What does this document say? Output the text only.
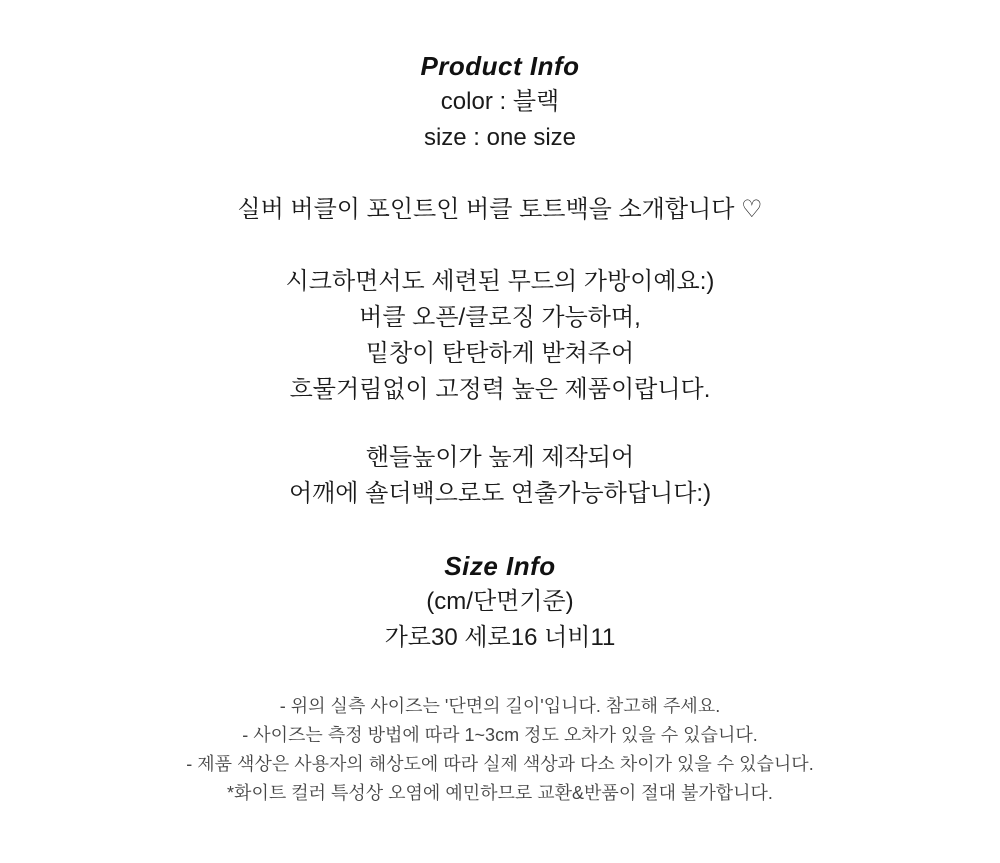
Product Info
color : 블랙
size : one size
실버 버클이 포인트인 버클 토트백을 소개합니다 ♡
시크하면서도 세련된 무드의 가방이예요:)
버클 오픈/클로징 가능하며,
밑창이 탄탄하게 받쳐주어
흐물거림없이 고정력 높은 제품이랍니다.
핸들높이가 높게 제작되어
어깨에 숄더백으로도 연출가능하답니다:)
Size Info
(cm/단면기준)
가로30 세로16 너비11
- 위의 실측 사이즈는 '단면의 길이'입니다. 참고해 주세요.
- 사이즈는 측정 방법에 따라 1~3cm 정도 오차가 있을 수 있습니다.
- 제품 색상은 사용자의 해상도에 따라 실제 색상과 다소 차이가 있을 수 있습니다.
*화이트 컬러 특성상 오염에 예민하므로 교환&반품이 절대 불가합니다.
